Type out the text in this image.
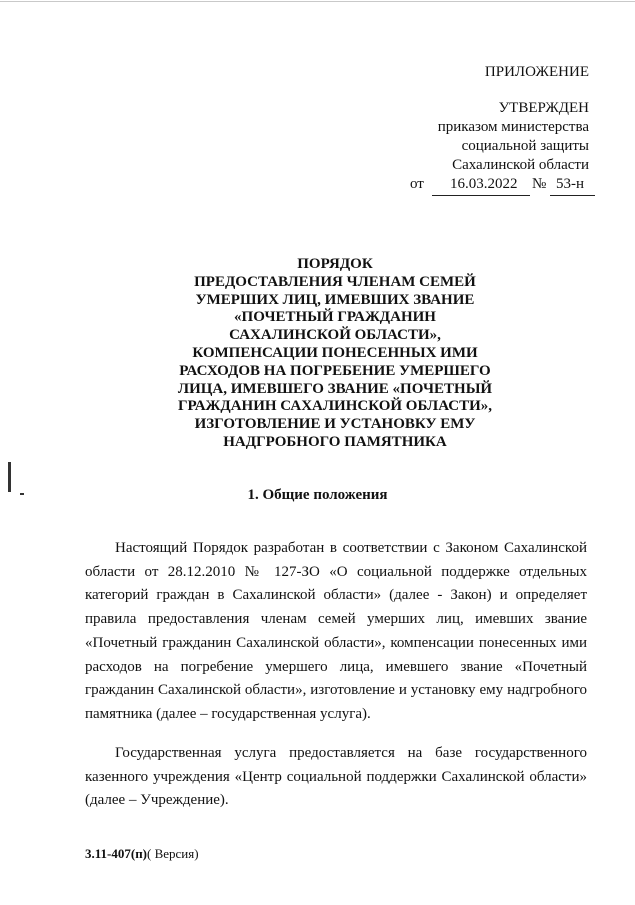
ПРИЛОЖЕНИЕ
УТВЕРЖДЕН
приказом министерства
социальной защиты
Сахалинской области
от 16.03.2022 № 53-н
ПОРЯДОК
ПРЕДОСТАВЛЕНИЯ ЧЛЕНАМ СЕМЕЙ
УМЕРШИХ ЛИЦ, ИМЕВШИХ ЗВАНИЕ
«ПОЧЕТНЫЙ ГРАЖДАНИН
САХАЛИНСКОЙ ОБЛАСТИ»,
КОМПЕНСАЦИИ ПОНЕСЕННЫХ ИМИ
РАСХОДОВ НА ПОГРЕБЕНИЕ УМЕРШЕГО
ЛИЦА, ИМЕВШЕГО ЗВАНИЕ «ПОЧЕТНЫЙ
ГРАЖДАНИН САХАЛИНСКОЙ ОБЛАСТИ»,
ИЗГОТОВЛЕНИЕ И УСТАНОВКУ ЕМУ
НАДГРОБНОГО ПАМЯТНИКА
1. Общие положения
Настоящий Порядок разработан в соответствии с Законом Сахалинской области от 28.12.2010 № 127-ЗО «О социальной поддержке отдельных категорий граждан в Сахалинской области» (далее - Закон) и определяет правила предоставления членам семей умерших лиц, имевших звание «Почетный гражданин Сахалинской области», компенсации понесенных ими расходов на погребение умершего лица, имевшего звание «Почетный гражданин Сахалинской области», изготовление и установку ему надгробного памятника (далее – государственная услуга).
Государственная услуга предоставляется на базе государственного казенного учреждения «Центр социальной поддержки Сахалинской области» (далее – Учреждение).
3.11-407(п)( Версия)
